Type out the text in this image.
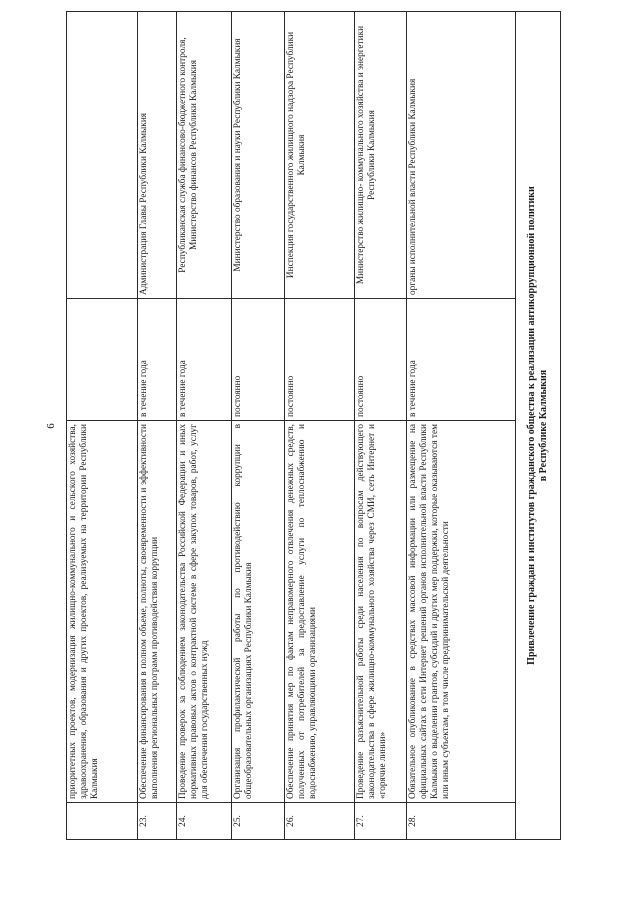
6
	приоритетных проектов, модернизация жилищно-коммунального и сельского хозяйства, здравоохранения, образования и других проектов, реализуемых на территории Республики Калмыкия		
23.	Обеспечение финансирования в полном объеме, полноты, своевременности и эффективности выполнения региональных программ противодействия коррупции	в течение года	Администрация Главы Республики Калмыкия
24.	Проведение проверок за соблюдением законодательства Российской Федерации и иных нормативных правовых актов о контрактной системе в сфере закупок товаров, работ, услуг для обеспечения государственных нужд	в течение года	Республиканская служба финансово-бюджетного контроля, Министерство финансов Республики Калмыкия
25.	Организация профилактической работы по противодействию коррупции в общеобразовательных организациях Республики Калмыкия	постоянно	Министерство образования и науки Республики Калмыкия
26.	Обеспечение принятия мер по фактам неправомерного отвлечения денежных средств, полученных от потребителей за предоставление услуги по теплоснабжению и водоснабжению, управляющими организациями	постоянно	Инспекция государственного жилищного надзора Республики Калмыкия
27.	Проведение разъяснительной работы среди населения по вопросам действующего законодательства в сфере жилищно-коммунального хозяйства через СМИ, сеть Интернет и «горячие линии»	постоянно	Министерство жилищно- коммунального хозяйства и энергетики Республики Калмыкия
28.	Обязательное опубликование в средствах массовой информации или размещение на официальных сайтах в сети Интернет решений органов исполнительной власти Республики Калмыкия о выделении грантов, субсидий и других мер поддержки, которые оказываются тем или иным субъектам, в том числе предпринимательской деятельности	в течение года	органы исполнительной власти Республики Калмыкия

Привлечение граждан и институтов гражданского общества к реализации антикоррупционной политики в Республике Калмыкия			
